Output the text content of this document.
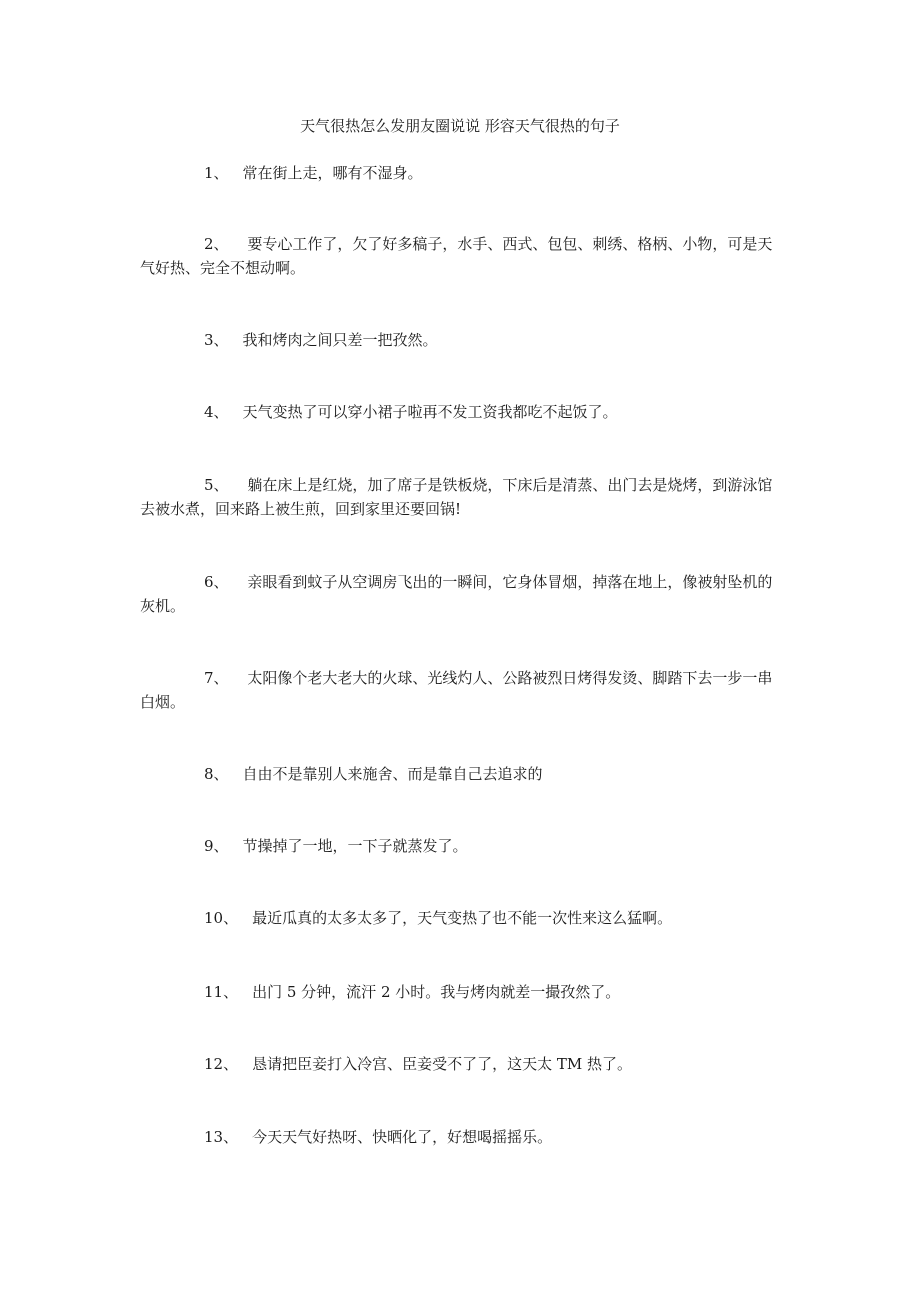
天气很热怎么发朋友圈说说 形容天气很热的句子
1、 常在街上走，哪有不湿身。
2、 要专心工作了，欠了好多稿子，水手、西式、包包、刺绣、格柄、小物，可是天气好热、完全不想动啊。
3、 我和烤肉之间只差一把孜然。
4、 天气变热了可以穿小裙子啦再不发工资我都吃不起饭了。
5、 躺在床上是红烧，加了席子是铁板烧，下床后是清蒸、出门去是烧烤，到游泳馆去被水煮，回来路上被生煎，回到家里还要回锅!
6、 亲眼看到蚊子从空调房飞出的一瞬间，它身体冒烟，掉落在地上，像被射坠机的灰机。
7、 太阳像个老大老大的火球、光线灼人、公路被烈日烤得发烫、脚踏下去一步一串白烟。
8、 自由不是靠别人来施舍、而是靠自己去追求的
9、 节操掉了一地，一下子就蒸发了。
10、 最近瓜真的太多太多了，天气变热了也不能一次性来这么猛啊。
11、 出门 5 分钟，流汗 2 小时。我与烤肉就差一撮孜然了。
12、 恳请把臣妾打入冷宫、臣妾受不了了，这天太 TM 热了。
13、 今天天气好热呀、快晒化了，好想喝摇摇乐。
